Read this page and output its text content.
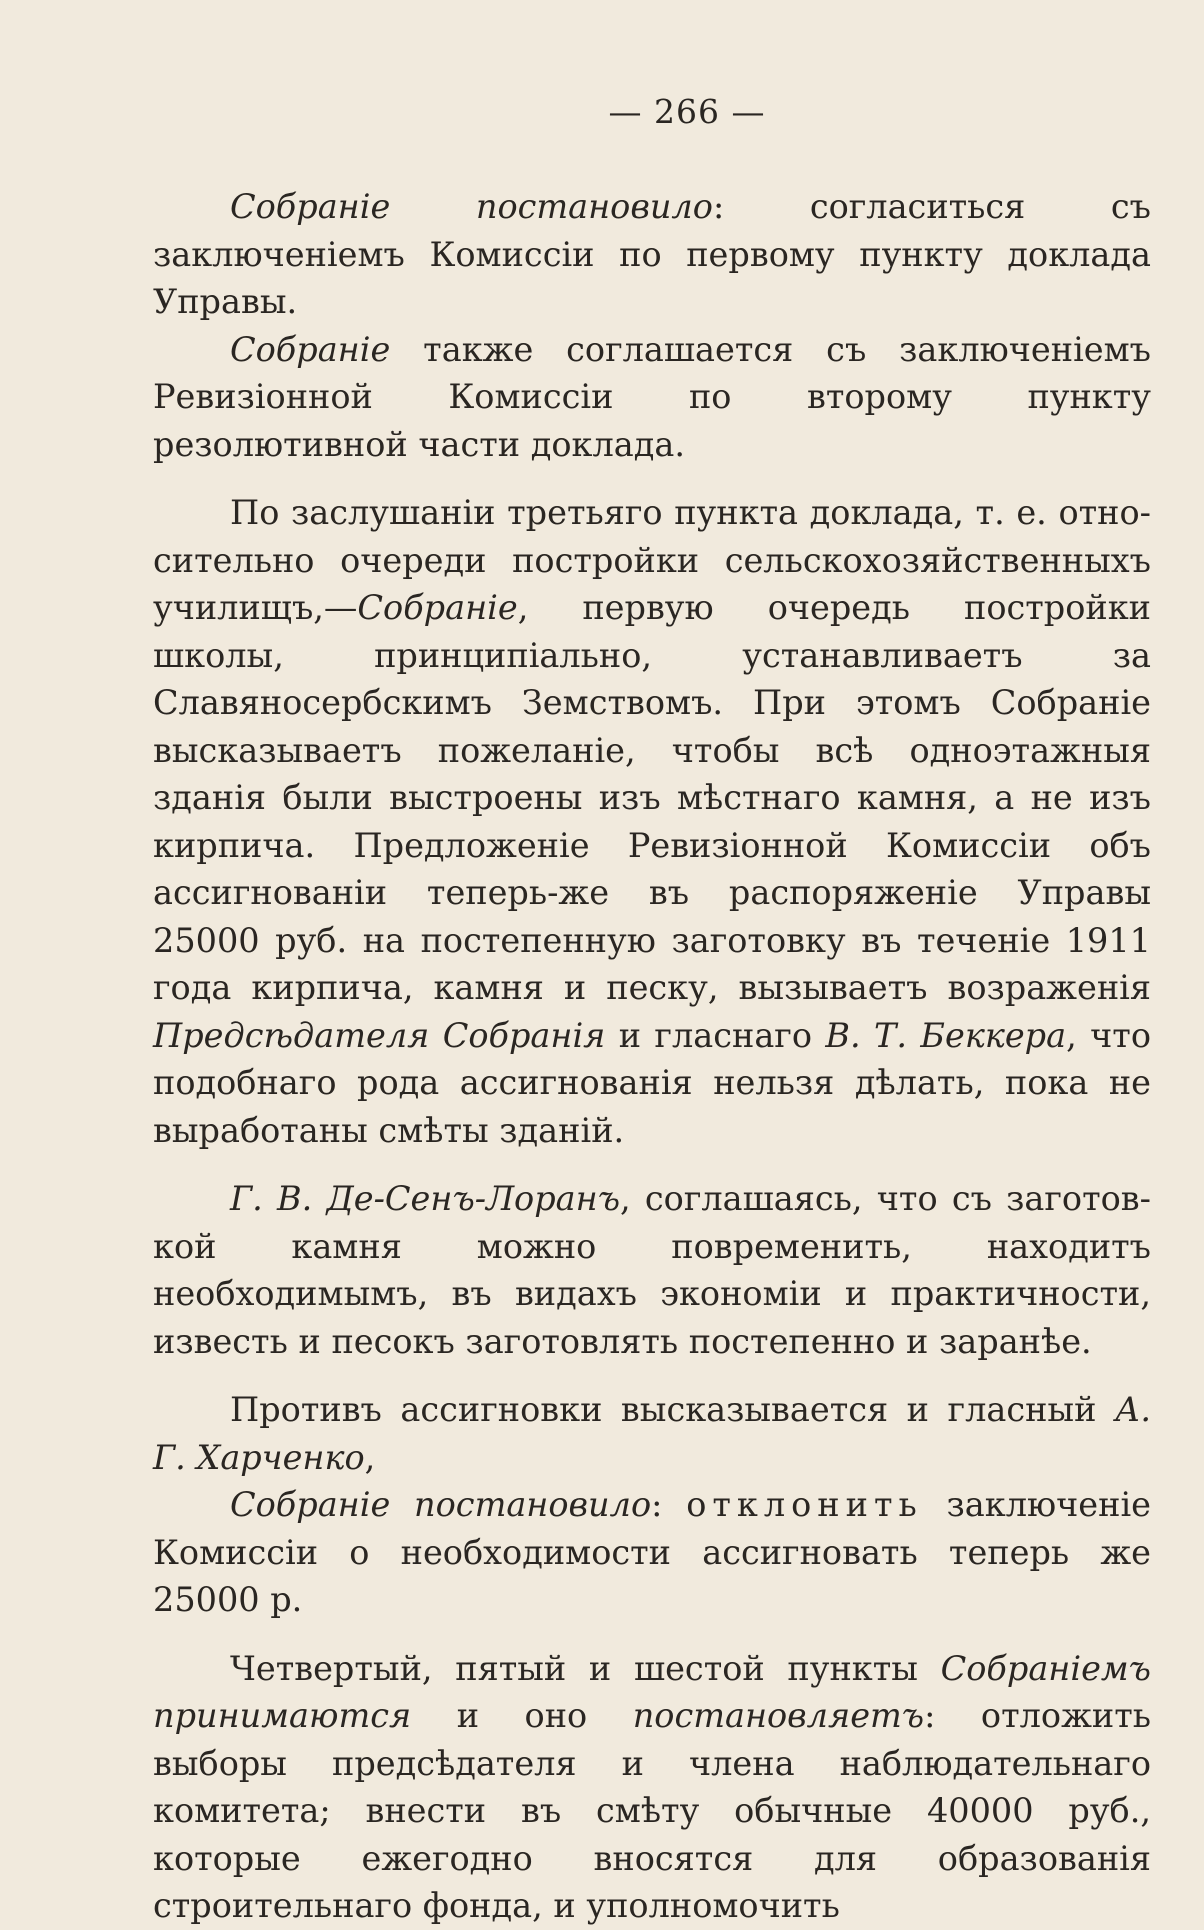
— 266 —

Собраніе постановило: согласиться съ заключеніемъ Комиссіи по первому пункту доклада Управы.

Собраніе также соглашается съ заключеніемъ Ревизіонной Комиссіи по второму пункту резолютивной части доклада.

По заслушаніи третьяго пункта доклада, т. е. относительно очереди постройки сельскохозяйственныхъ училищъ,—Собраніе, первую очередь постройки школы, принципіально, устанавливаетъ за Славяносербскимъ Земствомъ. При этомъ Собраніе высказываетъ пожеланіе, чтобы всѣ одноэтажныя зданія были выстроены изъ мѣстнаго камня, а не изъ кирпича. Предложеніе Ревизіонной Комиссіи объ ассигнованіи теперь-же въ распоряженіе Управы 25000 руб. на постепенную заготовку въ теченіе 1911 года кирпича, камня и песку, вызываетъ возраженія Предсѣдателя Собранія и гласнаго В. Т. Беккера, что подобнаго рода ассигнованія нельзя дѣлать, пока не выработаны смѣты зданій.

Г. В. Де-Сенъ-Лоранъ, соглашаясь, что съ заготовкой камня можно повременить, находитъ необходимымъ, въ видахъ экономіи и практичности, известь и песокъ заготовлять постепенно и заранѣе.

Противъ ассигновки высказывается и гласный А. Г. Харченко,

Собраніе постановило: отклонить заключеніе Комиссіи о необходимости ассигновать теперь же 25000 р.

Четвертый, пятый и шестой пункты Собраніемъ принимаются и оно постановляетъ: отложить выборы предсѣдателя и члена наблюдательнаго комитета; внести въ смѣту обычные 40000 руб., которые ежегодно вносятся для образованія строительнаго фонда, и уполномочить
